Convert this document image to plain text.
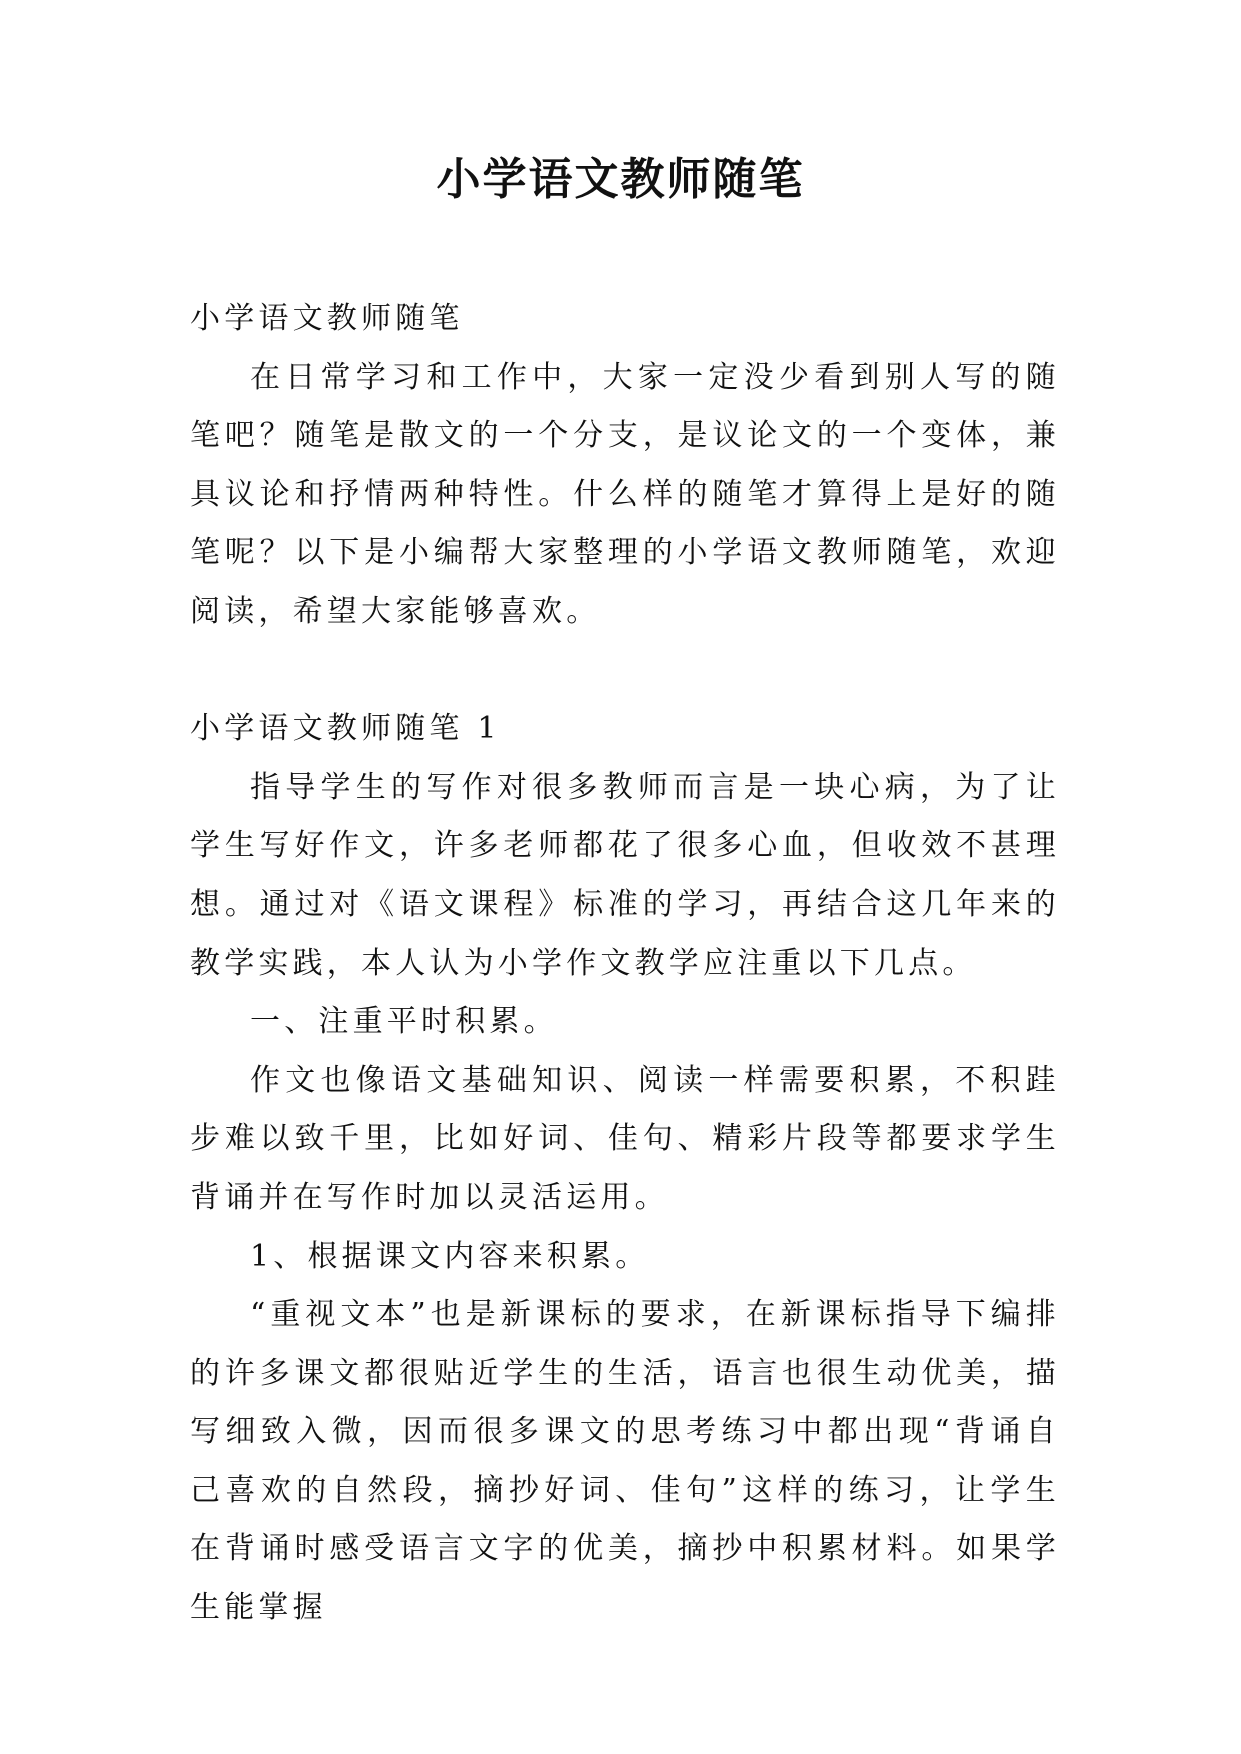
小学语文教师随笔

小学语文教师随笔

在日常学习和工作中，大家一定没少看到别人写的随笔吧？随笔是散文的一个分支，是议论文的一个变体，兼具议论和抒情两种特性。什么样的随笔才算得上是好的随笔呢？以下是小编帮大家整理的小学语文教师随笔，欢迎阅读，希望大家能够喜欢。

小学语文教师随笔 1

指导学生的写作对很多教师而言是一块心病，为了让学生写好作文，许多老师都花了很多心血，但收效不甚理想。通过对《语文课程》标准的学习，再结合这几年来的教学实践，本人认为小学作文教学应注重以下几点。

一、注重平时积累。

作文也像语文基础知识、阅读一样需要积累，不积跬步难以致千里，比如好词、佳句、精彩片段等都要求学生背诵并在写作时加以灵活运用。

1、根据课文内容来积累。

“重视文本”也是新课标的要求，在新课标指导下编排的许多课文都很贴近学生的生活，语言也很生动优美，描写细致入微，因而很多课文的思考练习中都出现“背诵自己喜欢的自然段，摘抄好词、佳句”这样的练习，让学生在背诵时感受语言文字的优美，摘抄中积累材料。如果学生能掌握
